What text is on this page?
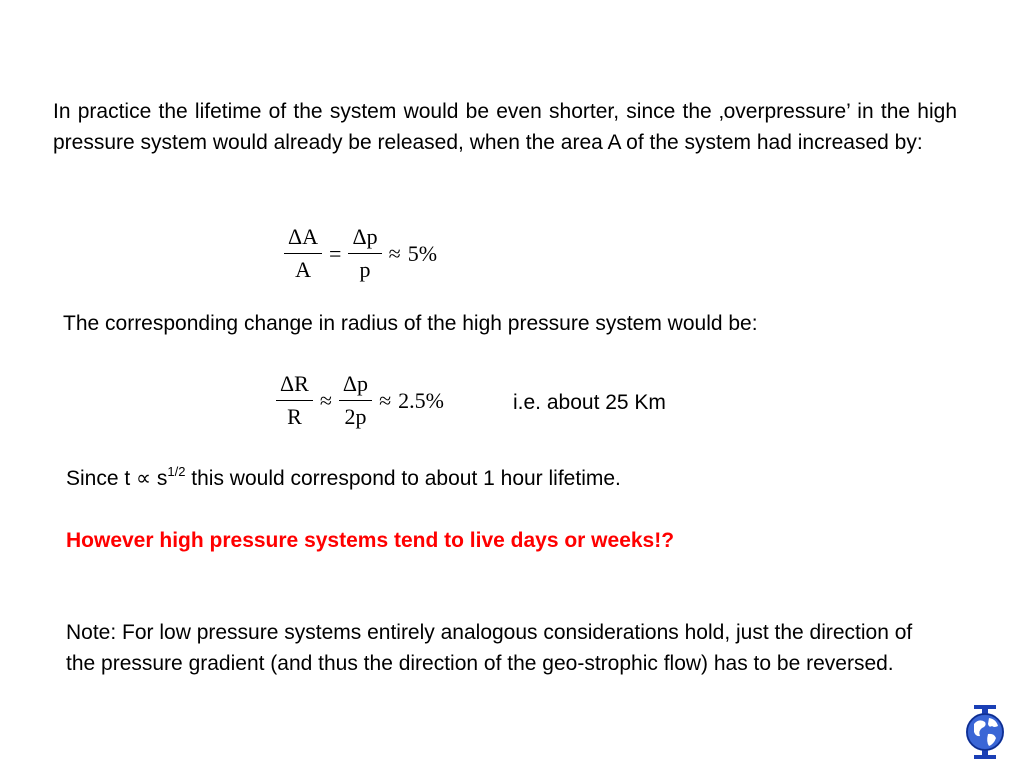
In practice the lifetime of the system would be even shorter, since the ‚overpressure’ in the high pressure system would already be released, when the area A of the system had increased by:
$\frac{\Delta A}{A} = \frac{\Delta p}{p} \approx 5\%$
The corresponding change in radius of the high pressure system would be:
$\frac{\Delta R}{R} \approx \frac{\Delta p}{2p} \approx 2.5\%$	i.e. about 25 Km
Since $t \propto s^{1/2}$ this would correspond to about 1 hour lifetime.
However high pressure systems tend to live days or weeks!?
Note: For low pressure systems entirely analogous considerations hold, just the direction of the pressure gradient (and thus the direction of the geo-strophic flow) has to be reversed.
